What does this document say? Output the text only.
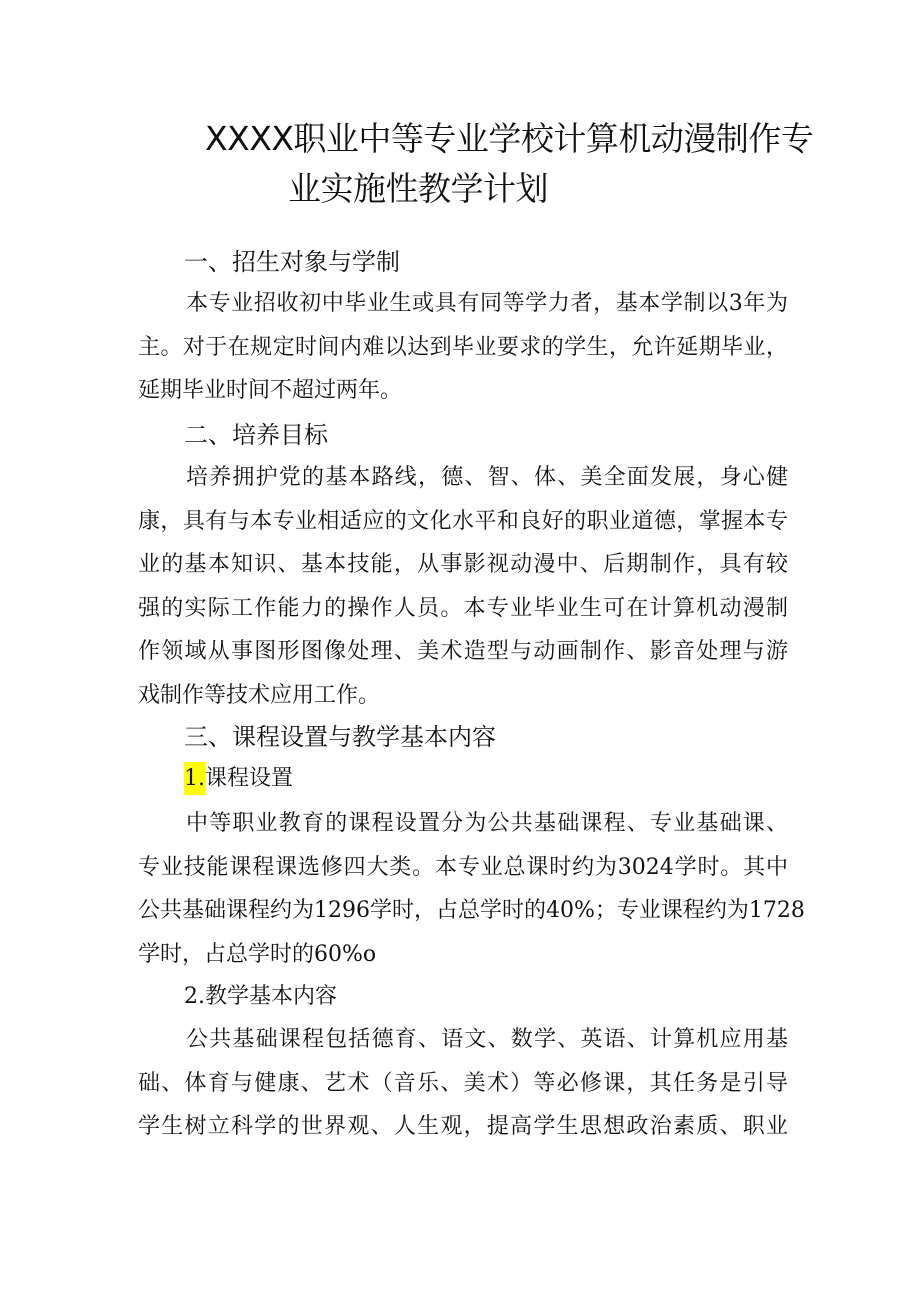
XXXX职业中等专业学校计算机动漫制作专
业实施性教学计划
一、招生对象与学制
本专业招收初中毕业生或具有同等学力者，基本学制以3年为
主。对于在规定时间内难以达到毕业要求的学生，允许延期毕业，
延期毕业时间不超过两年。
二、培养目标
培养拥护党的基本路线，德、智、体、美全面发展，身心健
康，具有与本专业相适应的文化水平和良好的职业道德，掌握本专
业的基本知识、基本技能，从事影视动漫中、后期制作，具有较
强的实际工作能力的操作人员。本专业毕业生可在计算机动漫制
作领域从事图形图像处理、美术造型与动画制作、影音处理与游
戏制作等技术应用工作。
三、课程设置与教学基本内容
1.课程设置
中等职业教育的课程设置分为公共基础课程、专业基础课、
专业技能课程课选修四大类。本专业总课时约为3024学时。其中
公共基础课程约为1296学时，占总学时的40%；专业课程约为1728
学时，占总学时的60%o
2.教学基本内容
公共基础课程包括德育、语文、数学、英语、计算机应用基
础、体育与健康、艺术（音乐、美术）等必修课，其任务是引导
学生树立科学的世界观、人生观，提高学生思想政治素质、职业
